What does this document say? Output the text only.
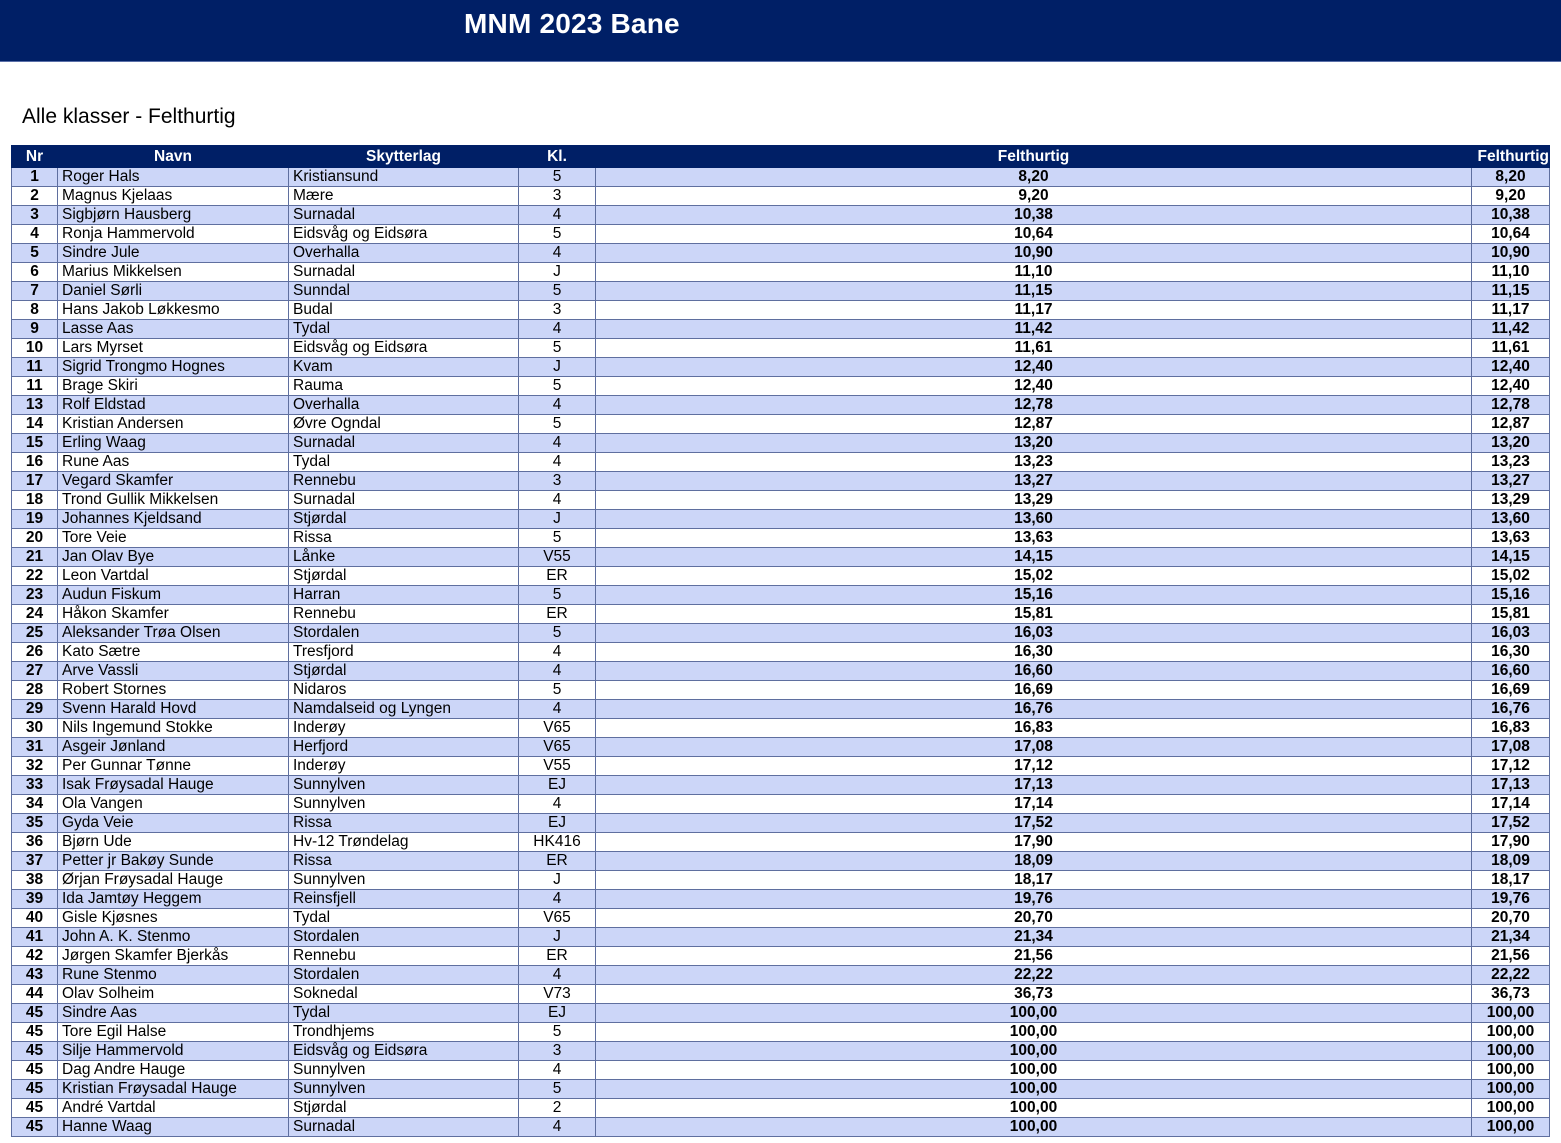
MNM 2023 Bane
Alle klasser - Felthurtig
Nr	Navn	Skytterlag	Kl.	Felthurtig	Felthurtig
1	Roger Hals	Kristiansund	5	8,20	8,20
2	Magnus Kjelaas	Mære	3	9,20	9,20
3	Sigbjørn Hausberg	Surnadal	4	10,38	10,38
4	Ronja Hammervold	Eidsvåg og Eidsøra	5	10,64	10,64
5	Sindre Jule	Overhalla	4	10,90	10,90
6	Marius Mikkelsen	Surnadal	J	11,10	11,10
7	Daniel Sørli	Sunndal	5	11,15	11,15
8	Hans Jakob Løkkesmo	Budal	3	11,17	11,17
9	Lasse Aas	Tydal	4	11,42	11,42
10	Lars Myrset	Eidsvåg og Eidsøra	5	11,61	11,61
11	Sigrid Trongmo Hognes	Kvam	J	12,40	12,40
11	Brage Skiri	Rauma	5	12,40	12,40
13	Rolf Eldstad	Overhalla	4	12,78	12,78
14	Kristian Andersen	Øvre Ogndal	5	12,87	12,87
15	Erling Waag	Surnadal	4	13,20	13,20
16	Rune Aas	Tydal	4	13,23	13,23
17	Vegard Skamfer	Rennebu	3	13,27	13,27
18	Trond Gullik Mikkelsen	Surnadal	4	13,29	13,29
19	Johannes Kjeldsand	Stjørdal	J	13,60	13,60
20	Tore Veie	Rissa	5	13,63	13,63
21	Jan Olav Bye	Lånke	V55	14,15	14,15
22	Leon Vartdal	Stjørdal	ER	15,02	15,02
23	Audun Fiskum	Harran	5	15,16	15,16
24	Håkon Skamfer	Rennebu	ER	15,81	15,81
25	Aleksander Trøa Olsen	Stordalen	5	16,03	16,03
26	Kato Sætre	Tresfjord	4	16,30	16,30
27	Arve Vassli	Stjørdal	4	16,60	16,60
28	Robert Stornes	Nidaros	5	16,69	16,69
29	Svenn Harald Hovd	Namdalseid og Lyngen	4	16,76	16,76
30	Nils Ingemund Stokke	Inderøy	V65	16,83	16,83
31	Asgeir Jønland	Herfjord	V65	17,08	17,08
32	Per Gunnar Tønne	Inderøy	V55	17,12	17,12
33	Isak Frøysadal Hauge	Sunnylven	EJ	17,13	17,13
34	Ola Vangen	Sunnylven	4	17,14	17,14
35	Gyda Veie	Rissa	EJ	17,52	17,52
36	Bjørn Ude	Hv-12 Trøndelag	HK416	17,90	17,90
37	Petter jr Bakøy Sunde	Rissa	ER	18,09	18,09
38	Ørjan Frøysadal Hauge	Sunnylven	J	18,17	18,17
39	Ida Jamtøy Heggem	Reinsfjell	4	19,76	19,76
40	Gisle Kjøsnes	Tydal	V65	20,70	20,70
41	John A. K. Stenmo	Stordalen	J	21,34	21,34
42	Jørgen Skamfer Bjerkås	Rennebu	ER	21,56	21,56
43	Rune Stenmo	Stordalen	4	22,22	22,22
44	Olav Solheim	Soknedal	V73	36,73	36,73
45	Sindre Aas	Tydal	EJ	100,00	100,00
45	Tore Egil Halse	Trondhjems	5	100,00	100,00
45	Silje Hammervold	Eidsvåg og Eidsøra	3	100,00	100,00
45	Dag Andre Hauge	Sunnylven	4	100,00	100,00
45	Kristian Frøysadal Hauge	Sunnylven	5	100,00	100,00
45	André Vartdal	Stjørdal	2	100,00	100,00
45	Hanne Waag	Surnadal	4	100,00	100,00
